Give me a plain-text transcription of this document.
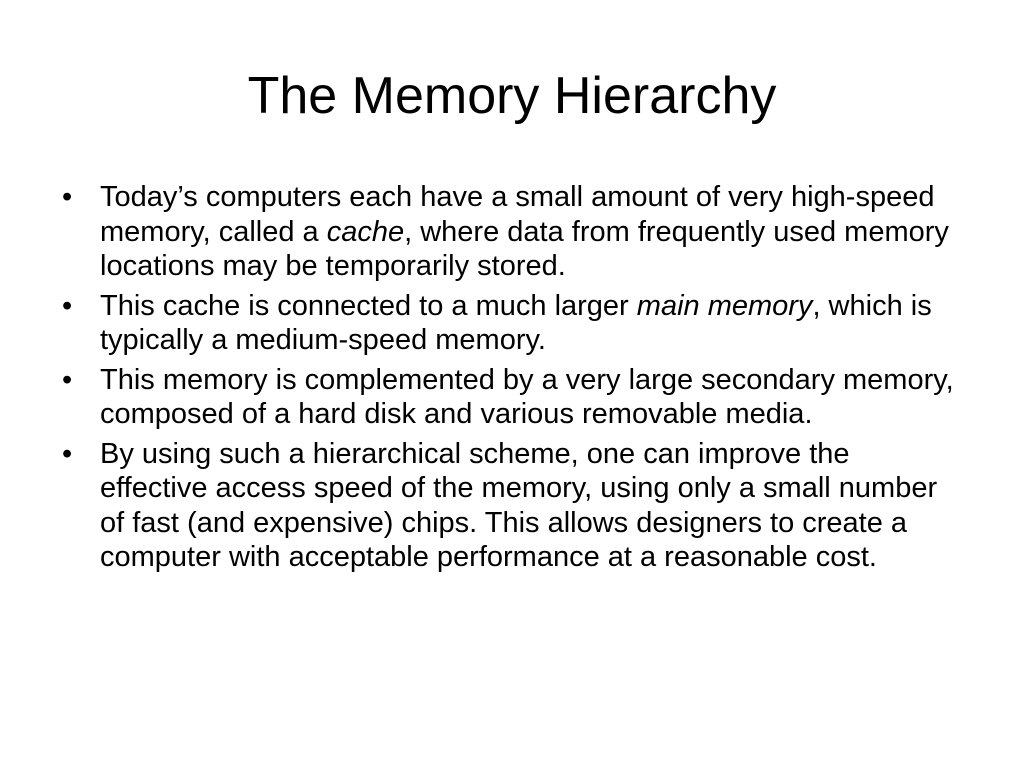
The Memory Hierarchy
• Today’s computers each have a small amount of very high-speed memory, called a cache, where data from frequently used memory locations may be temporarily stored.
• This cache is connected to a much larger main memory, which is typically a medium-speed memory.
• This memory is complemented by a very large secondary memory, composed of a hard disk and various removable media.
• By using such a hierarchical scheme, one can improve the effective access speed of the memory, using only a small number of fast (and expensive) chips. This allows designers to create a computer with acceptable performance at a reasonable cost.
